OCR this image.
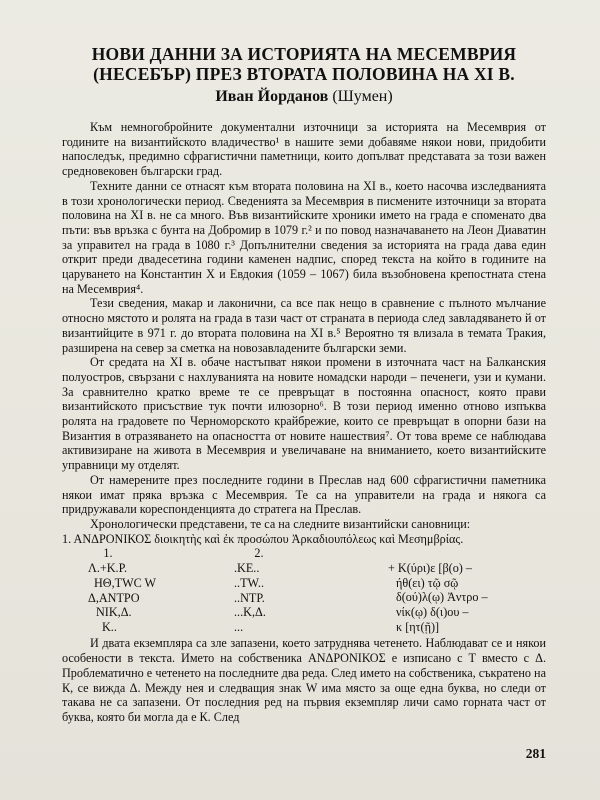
НОВИ ДАННИ ЗА ИСТОРИЯТА НА МЕСЕМВРИЯ
(НЕСЕБЪР) ПРЕЗ ВТОРАТА ПОЛОВИНА НА XI В.
Иван Йорданов (Шумен)

Към немногобройните документални източници за историята на Месемврия от годините на византийското владичество¹ в нашите земи добавяме някои нови, придобити напоследък, предимно сфрагистични паметници, които допълват представата за този важен средновековен български град.

Техните данни се отнасят към втората половина на XI в., което насочва изследванията в този хронологически период. Сведенията за Месемврия в писмените източници за втората половина на XI в. не са много. Във византийските хроники името на града е споменато два пъти: във връзка с бунта на Добромир в 1079 г.² и по повод назначаването на Леон Диаватин за управител на града в 1080 г.³ Допълнителни сведения за историята на града дава един открит преди двадесетина години каменен надпис, според текста на който в годините на царуването на Константин Х и Евдокия (1059 – 1067) била възобновена крепостната стена на Месемврия⁴.

Тези сведения, макар и лаконични, са все пак нещо в сравнение с пълното мълчание относно мястото и ролята на града в тази част от страната в периода след завладяването й от византийците в 971 г. до втората половина на XI в.⁵ Вероятно тя влизала в темата Тракия, разширена на север за сметка на новозавладените български земи.

От средата на XI в. обаче настъпват някои промени в източната част на Балканския полуостров, свързани с нахлуванията на новите номадски народи – печенеги, узи и кумани. За сравнително кратко време те се превръщат в постоянна опасност, която прави византийското присъствие тук почти илюзорно⁶. В този период именно отново изпъква ролята на градовете по Черноморското крайбрежие, които се превръщат в опорни бази на Византия в отразяването на опасността от новите нашествия⁷. От това време се наблюдава активизиране на живота в Месемврия и увеличаване на вниманието, което византийските управници му отделят.

От намерените през последните години в Преслав над 600 сфрагистични паметника някои имат пряка връзка с Месемврия. Те са на управители на града и някога са придружавали кореспонденцията до стратега на Преслав.

Хронологически представени, те са на следните византийски сановници:

1. ΑΝΔΡΟΝΙΚΟΣ διοικητὴς καὶ ἐκ προσώπου Ἀρκαδιουπόλεως καὶ Μεσημβρίας.

1.
Λ.+Κ.Ρ.
ΗΘ,TWC W
Δ,ΑΝΤΡΟ
ΝΙΚ,Δ.
Κ..
2.
.ΚΕ..
..TW..
..ΝΤΡ.
...Κ,Δ.
...
+ Κ(ύρι)ε [β(ο) –
ήθ(ει) τῷ σῷ
δ(ού)λ(ῳ) Ἀντρο –
νίκ(ῳ) δ(ι)ου –
κ [ητ(ῇ)]

И двата екземпляра са зле запазени, което затруднява четенето. Наблюдават се и някои особености в текста. Името на собственика ΑΝΔΡΟΝΙΚΟΣ е изписано с Т вместо с Δ. Проблематично е четенето на последните два реда. След името на собственика, съкратено на К, се вижда Δ. Между нея и следващия знак W има място за още една буква, но следи от такава не са запазени. От последния ред на първия екземпляр личи само горната част от буква, която би могла да е К. След

281
